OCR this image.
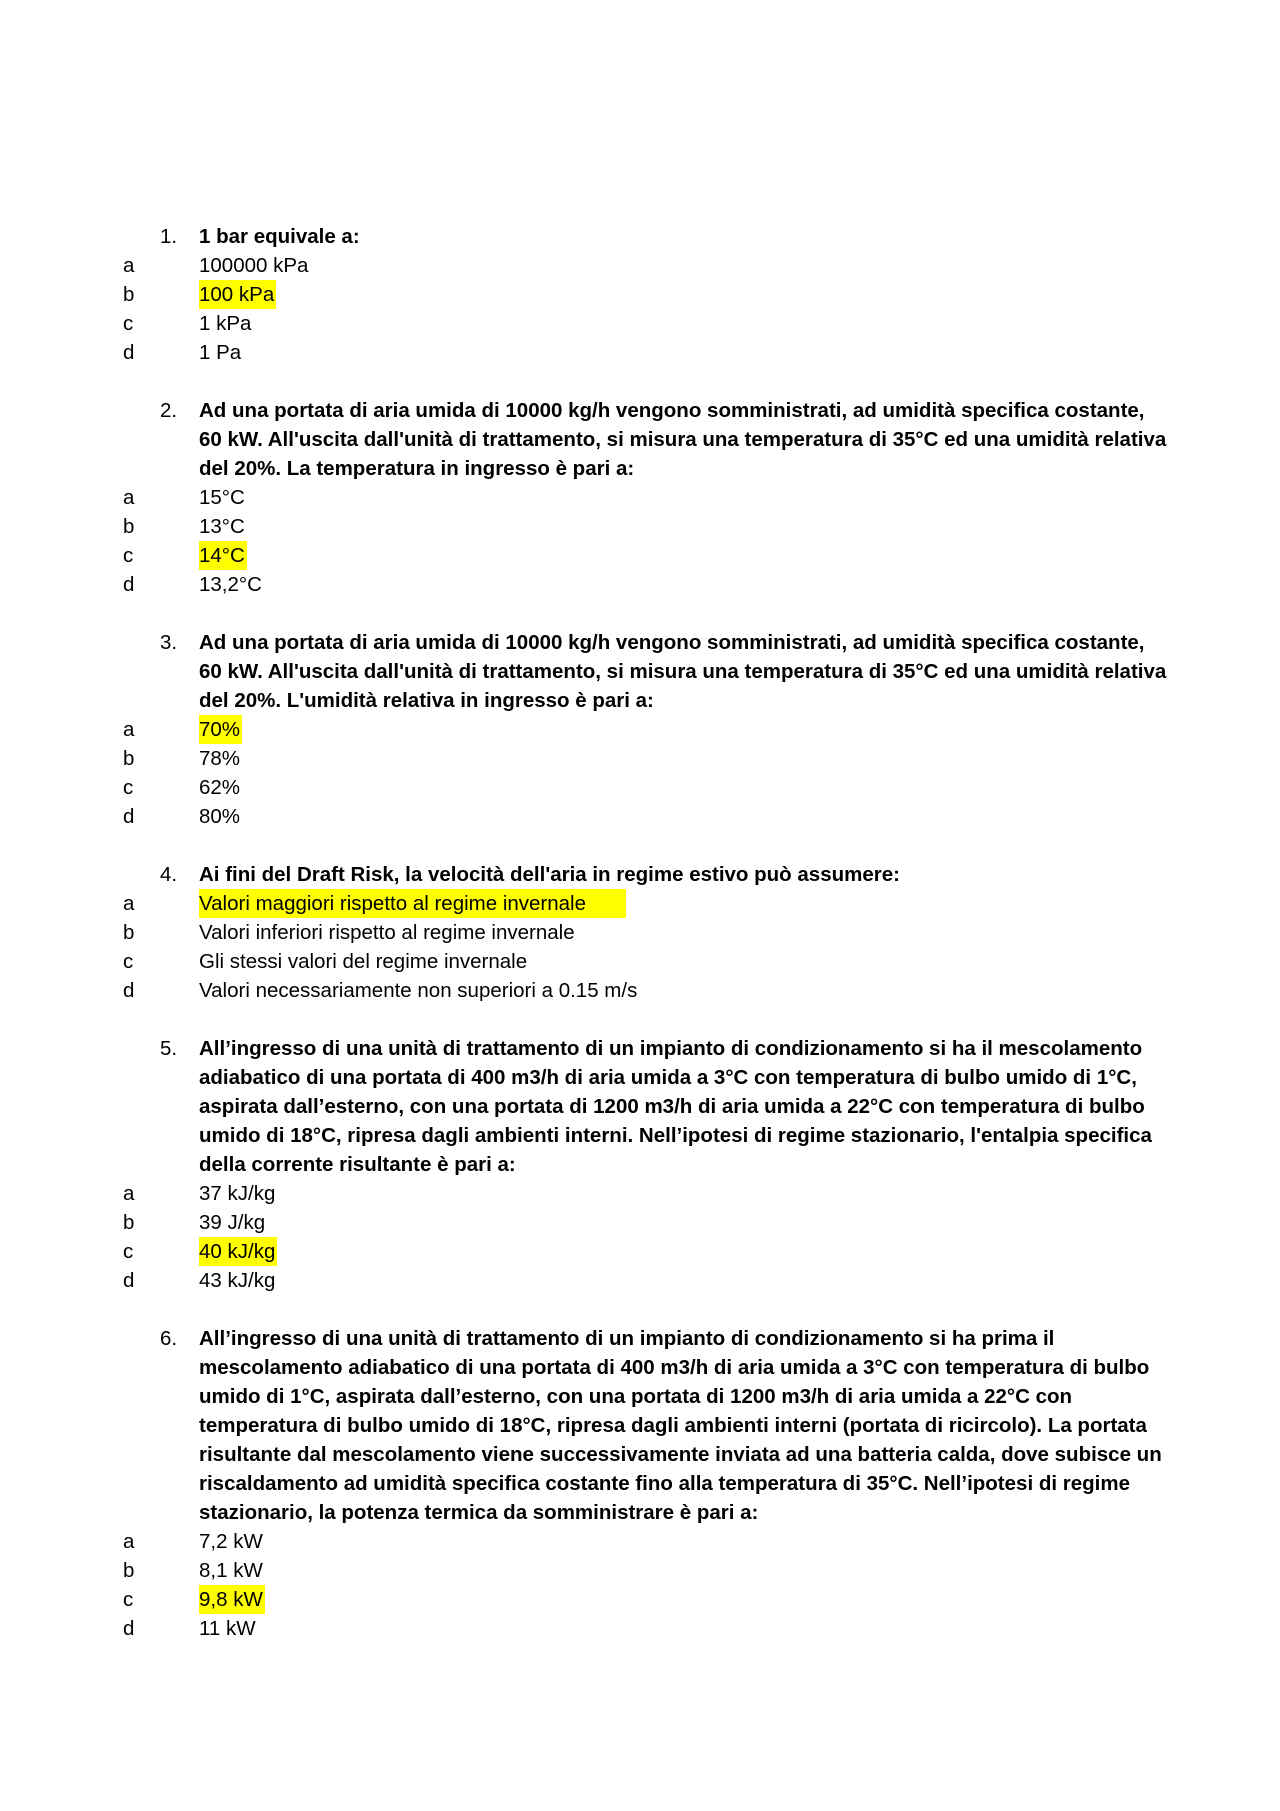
1. 1 bar equivale a:
a	100000 kPa
b	100 kPa
c	1 kPa
d	1 Pa
2. Ad una portata di aria umida di 10000 kg/h vengono somministrati, ad umidità specifica costante, 60 kW. All'uscita dall'unità di trattamento, si misura una temperatura di 35°C ed una umidità relativa del 20%. La temperatura in ingresso è pari a:
a	15°C
b	13°C
c	14°C
d	13,2°C
3. Ad una portata di aria umida di 10000 kg/h vengono somministrati, ad umidità specifica costante, 60 kW. All'uscita dall'unità di trattamento, si misura una temperatura di 35°C ed una umidità relativa del 20%. L'umidità relativa in ingresso è pari a:
a	70%
b	78%
c	62%
d	80%
4. Ai fini del Draft Risk, la velocità dell'aria in regime estivo può assumere:
a	Valori maggiori rispetto al regime invernale
b	Valori inferiori rispetto al regime invernale
c	Gli stessi valori del regime invernale
d	Valori necessariamente non superiori a 0.15 m/s
5. All’ingresso di una unità di trattamento di un impianto di condizionamento si ha il mescolamento adiabatico di una portata di 400 m3/h di aria umida a 3°C con temperatura di bulbo umido di 1°C, aspirata dall’esterno, con una portata di 1200 m3/h di aria umida a 22°C con temperatura di bulbo umido di 18°C, ripresa dagli ambienti interni. Nell’ipotesi di regime stazionario, l'entalpia specifica della corrente risultante è pari a:
a	37 kJ/kg
b	39 J/kg
c	40 kJ/kg
d	43 kJ/kg
6. All’ingresso di una unità di trattamento di un impianto di condizionamento si ha prima il mescolamento adiabatico di una portata di 400 m3/h di aria umida a 3°C con temperatura di bulbo umido di 1°C, aspirata dall’esterno, con una portata di 1200 m3/h di aria umida a 22°C con temperatura di bulbo umido di 18°C, ripresa dagli ambienti interni (portata di ricircolo). La portata risultante dal mescolamento viene successivamente inviata ad una batteria calda, dove subisce un riscaldamento ad umidità specifica costante fino alla temperatura di 35°C. Nell’ipotesi di regime stazionario, la potenza termica da somministrare è pari a:
a	7,2 kW
b	8,1 kW
c	9,8 kW
d	11 kW
